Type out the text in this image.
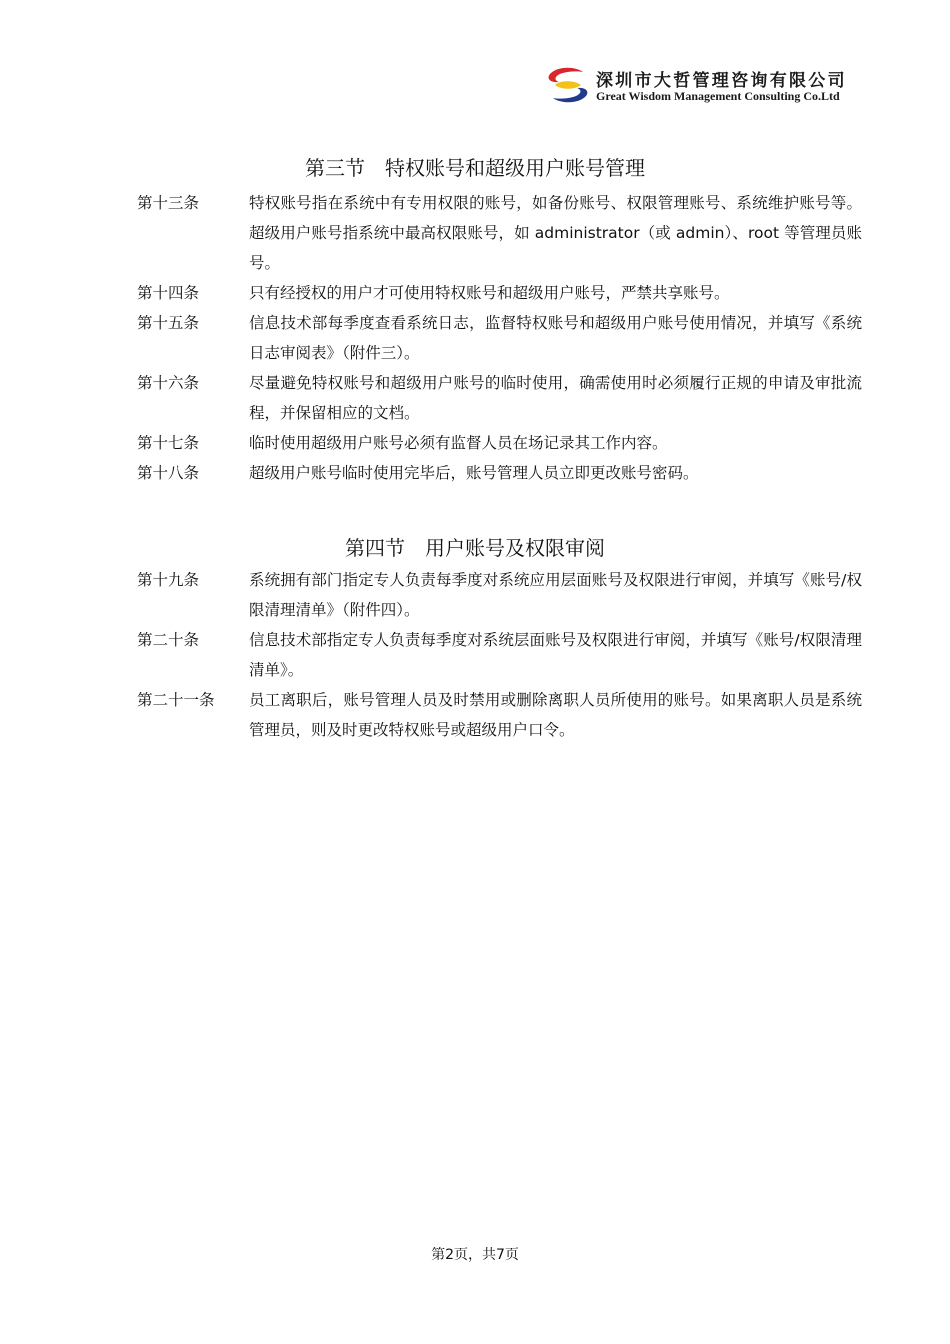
深圳市大哲管理咨询有限公司
Great Wisdom Management Consulting Co.Ltd
第三节　特权账号和超级用户账号管理
第十三条	特权账号指在系统中有专用权限的账号，如备份账号、权限管理账号、系统维护账号等。超级用户账号指系统中最高权限账号，如 administrator（或 admin）、root 等管理员账号。
第十四条	只有经授权的用户才可使用特权账号和超级用户账号，严禁共享账号。
第十五条	信息技术部每季度查看系统日志，监督特权账号和超级用户账号使用情况，并填写《系统日志审阅表》（附件三）。
第十六条	尽量避免特权账号和超级用户账号的临时使用，确需使用时必须履行正规的申请及审批流程，并保留相应的文档。
第十七条	临时使用超级用户账号必须有监督人员在场记录其工作内容。
第十八条	超级用户账号临时使用完毕后，账号管理人员立即更改账号密码。
第四节　用户账号及权限审阅
第十九条	系统拥有部门指定专人负责每季度对系统应用层面账号及权限进行审阅，并填写《账号/权限清理清单》（附件四）。
第二十条	信息技术部指定专人负责每季度对系统层面账号及权限进行审阅，并填写《账号/权限清理清单》。
第二十一条	员工离职后，账号管理人员及时禁用或删除离职人员所使用的账号。如果离职人员是系统管理员，则及时更改特权账号或超级用户口令。
第2页，共7页
